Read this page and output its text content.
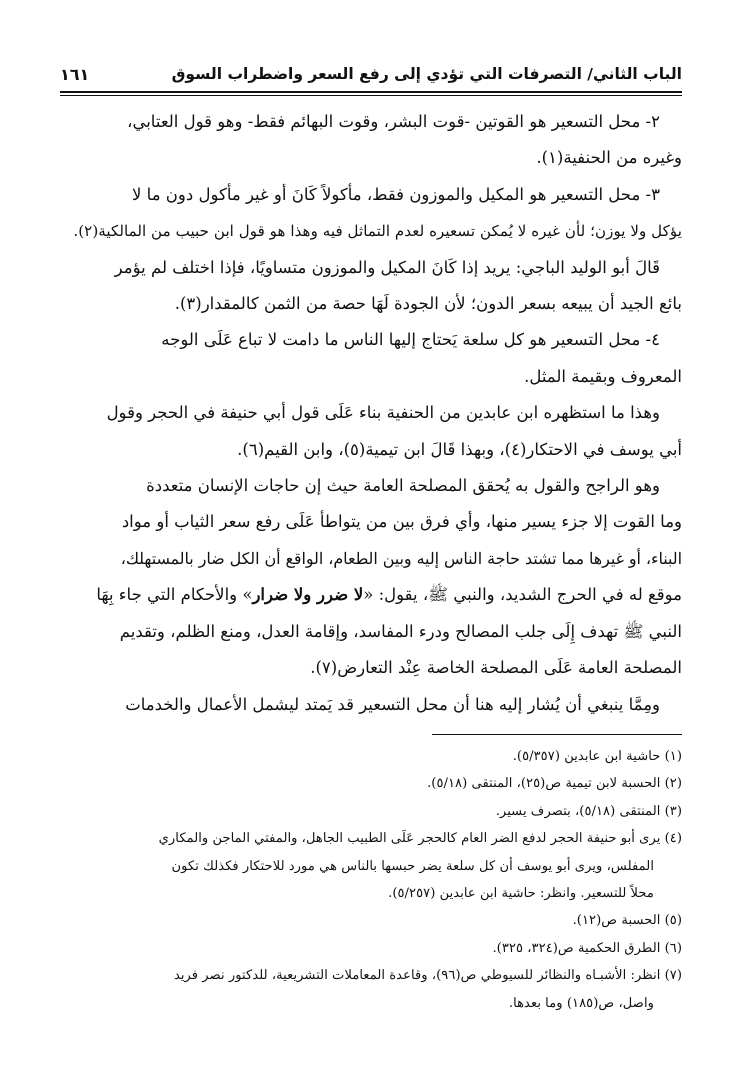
الباب الثاني/ التصرفات التي تؤدي إلى رفع السعر واضطراب السوق
١٦١

٢- محل التسعير هو القوتين -قوت البشر، وقوت البهائم فقط- وهو قول العتابي،

وغيره من الحنفية(١).

٣- محل التسعير هو المكيل والموزون فقط، مأكولاً كَانَ أو غير مأكول دون ما لا

يؤكل ولا يوزن؛ لأن غيره لا يُمكن تسعيره لعدم التماثل فيه وهذا هو قول ابن حبيب من المالكية(٢).

قَالَ أبو الوليد الباجي: يريد إذا كَانَ المكيل والموزون متساويًا، فإذا اختلف لم يؤمر

بائع الجيد أن يبيعه بسعر الدون؛ لأن الجودة لَهَا حصة من الثمن كالمقدار(٣).

٤- محل التسعير هو كل سلعة يَحتاج إليها الناس ما دامت لا تباع عَلَى الوجه

المعروف وبقيمة المثل.

وهذا ما استظهره ابن عابدين من الحنفية بناء عَلَى قول أبي حنيفة في الحجر وقول

أبي يوسف في الاحتكار(٤)، وبهذا قَالَ ابن تيمية(٥)، وابن القيم(٦).

وهو الراجح والقول به يُحقق المصلحة العامة حيث إن حاجات الإنسان متعددة

وما القوت إلا جزء يسير منها، وأي فرق بين من يتواطأ عَلَى رفع سعر الثياب أو مواد

البناء، أو غيرها مما تشتد حاجة الناس إليه وبين الطعام، الواقع أن الكل ضار بالمستهلك،

موقع له في الحرج الشديد، والنبي ﷺ، يقول: «لا ضرر ولا ضرار» والأحكام التي جاء بِهَا

النبي ﷺ تهدف إِلَى جلب المصالح ودرء المفاسد، وإقامة العدل، ومنع الظلم، وتقديم

المصلحة العامة عَلَى المصلحة الخاصة عِنْد التعارض(٧).

ومِمَّا ينبغي أن يُشار إليه هنا أن محل التسعير قد يَمتد ليشمل الأعمال والخدمات

(١) حاشية ابن عابدين (٥/٣٥٧).

(٢) الحسبة لابن تيمية ص(٢٥)، المنتقى (٥/١٨).

(٣) المنتقى (٥/١٨)، بتصرف يسير.

(٤) يرى أبو حنيفة الحجر لدفع الضر العام كالحجر عَلَى الطبيب الجاهل، والمفتي الماجن والمكاري

المفلس، ويرى أبو يوسف أن كل سلعة يضر حبسها بالناس هي مورد للاحتكار فكذلك تكون

محلاً للتسعير. وانظر: حاشية ابن عابدين (٥/٢٥٧).

(٥) الحسبة ص(١٢).

(٦) الطرق الحكمية ص(٣٢٤، ٣٢٥).

(٧) انظر: الأشبـاه والنظائر للسيوطي ص(٩٦)، وقاعدة المعاملات التشريعية، للدكتور نصر فريد

واصل، ص(١٨٥) وما بعدها.
